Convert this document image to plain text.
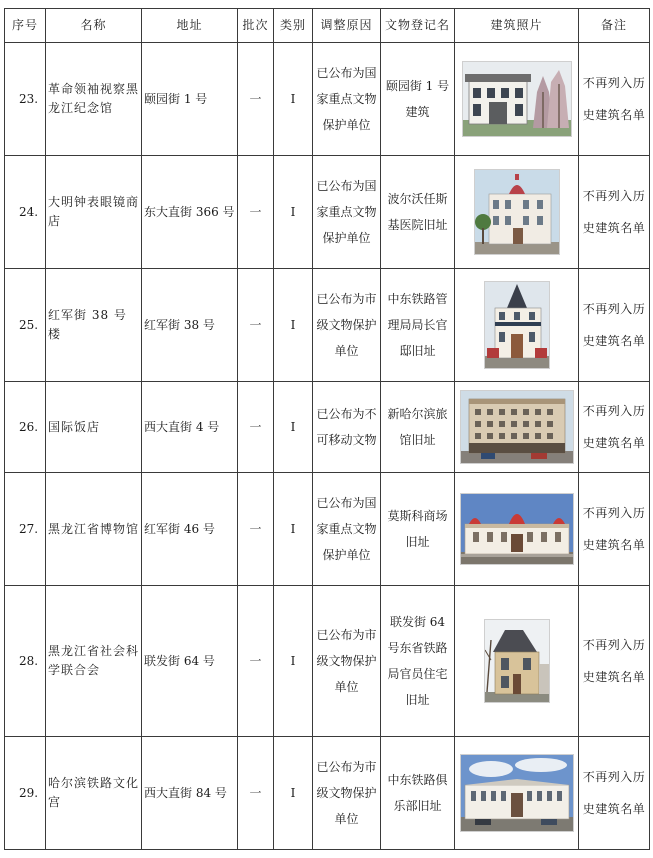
序号	名称	地址	批次	类别	调整原因	文物登记名	建筑照片	备注
23.	革命领袖视察黑龙江纪念馆	颐园街 1 号	一	I	已公布为国家重点文物保护单位	颐园街 1 号建筑		不再列入历史建筑名单
24.	大明钟表眼镜商店	东大直街 366 号	一	I	已公布为国家重点文物保护单位	波尔沃任斯基医院旧址		不再列入历史建筑名单
25.	红军街 38 号楼	红军街 38 号	一	I	已公布为市级文物保护单位	中东铁路管理局局长官邸旧址		不再列入历史建筑名单
26.	国际饭店	西大直街 4 号	一	I	已公布为不可移动文物	新哈尔滨旅馆旧址		不再列入历史建筑名单
27.	黑龙江省博物馆	红军街 46 号	一	I	已公布为国家重点文物保护单位	莫斯科商场旧址		不再列入历史建筑名单
28.	黑龙江省社会科学联合会	联发街 64 号	一	I	已公布为市级文物保护单位	联发街 64 号东省铁路局官员住宅旧址		不再列入历史建筑名单
29.	哈尔滨铁路文化宫	西大直街 84 号	一	I	已公布为市级文物保护单位	中东铁路俱乐部旧址		不再列入历史建筑名单
